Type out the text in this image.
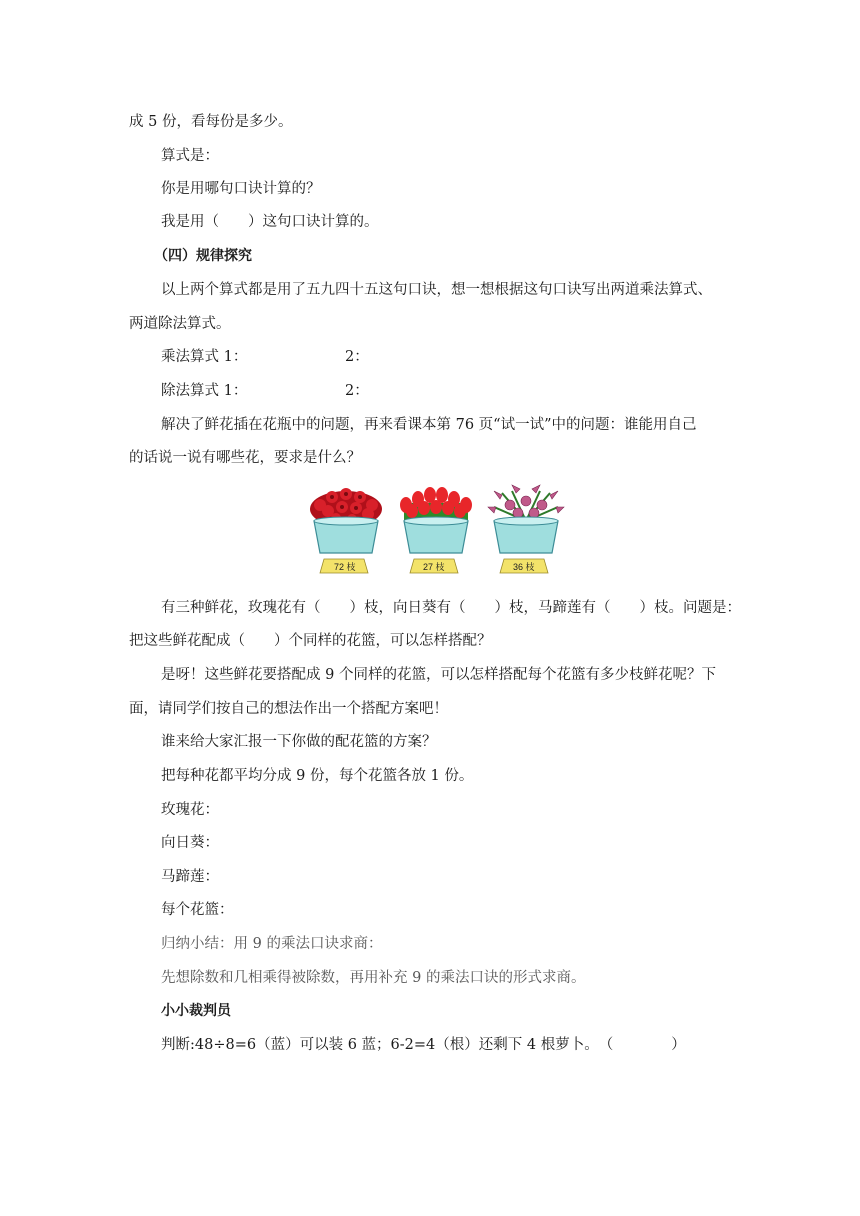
成 5 份，看每份是多少。
算式是：
你是用哪句口诀计算的？
我是用（　　）这句口诀计算的。
（四）规律探究
以上两个算式都是用了五九四十五这句口诀，想一想根据这句口诀写出两道乘法算式、
两道除法算式。
乘法算式 1：	2：
除法算式 1：	2：
解决了鲜花插在花瓶中的问题，再来看课本第 76 页“试一试”中的问题：谁能用自己
的话说一说有哪些花，要求是什么？
72 枝	27 枝	36 枝
有三种鲜花，玫瑰花有（　　）枝，向日葵有（　　）枝，马蹄莲有（　　）枝。问题是：
把这些鲜花配成（　　）个同样的花篮，可以怎样搭配？
是呀！这些鲜花要搭配成 9 个同样的花篮，可以怎样搭配每个花篮有多少枝鲜花呢？下
面，请同学们按自己的想法作出一个搭配方案吧！
谁来给大家汇报一下你做的配花篮的方案？
把每种花都平均分成 9 份，每个花篮各放 1 份。
玫瑰花：
向日葵：
马蹄莲：
每个花篮：
归纳小结：用 9 的乘法口诀求商：
先想除数和几相乘得被除数，再用补充 9 的乘法口诀的形式求商。
小小裁判员
判断:48÷8=6（蓝）可以装 6 蓝；6-2=4（根）还剩下 4 根萝卜。　（　　　　）
